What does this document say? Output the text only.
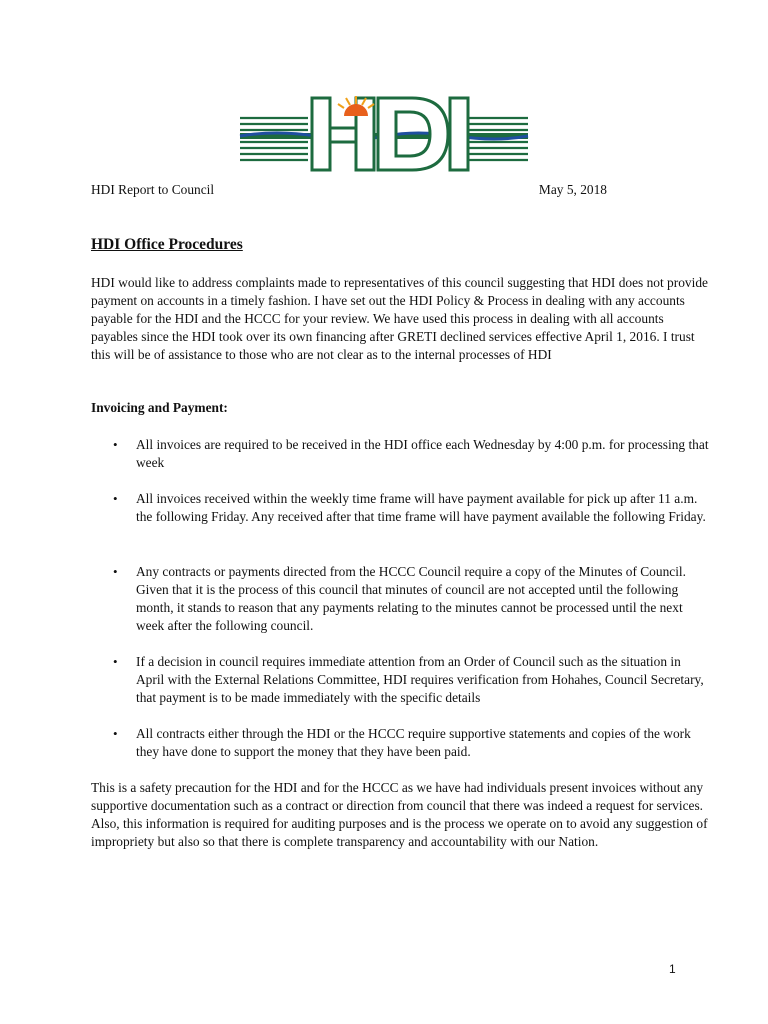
HDI Report to Council	May 5, 2018
HDI Office Procedures

HDI would like to address complaints made to representatives of this council suggesting that HDI does not provide payment on accounts in a timely fashion. I have set out the HDI Policy & Process in dealing with any accounts payable for the HDI and the HCCC for your review. We have used this process in dealing with all accounts payables since the HDI took over its own financing after GRETI declined services effective April 1, 2016. I trust this will be of assistance to those who are not clear as to the internal processes of HDI

Invoicing and Payment:
• All invoices are required to be received in the HDI office each Wednesday by 4:00 p.m. for processing that week
• All invoices received within the weekly time frame will have payment available for pick up after 11 a.m. the following Friday. Any received after that time frame will have payment available the following Friday.
• Any contracts or payments directed from the HCCC Council require a copy of the Minutes of Council. Given that it is the process of this council that minutes of council are not accepted until the following month, it stands to reason that any payments relating to the minutes cannot be processed until the next week after the following council.
• If a decision in council requires immediate attention from an Order of Council such as the situation in April with the External Relations Committee, HDI requires verification from Hohahes, Council Secretary, that payment is to be made immediately with the specific details
• All contracts either through the HDI or the HCCC require supportive statements and copies of the work they have done to support the money that they have been paid.

This is a safety precaution for the HDI and for the HCCC as we have had individuals present invoices without any supportive documentation such as a contract or direction from council that there was indeed a request for services. Also, this information is required for auditing purposes and is the process we operate on to avoid any suggestion of impropriety but also so that there is complete transparency and accountability with our Nation.

1
